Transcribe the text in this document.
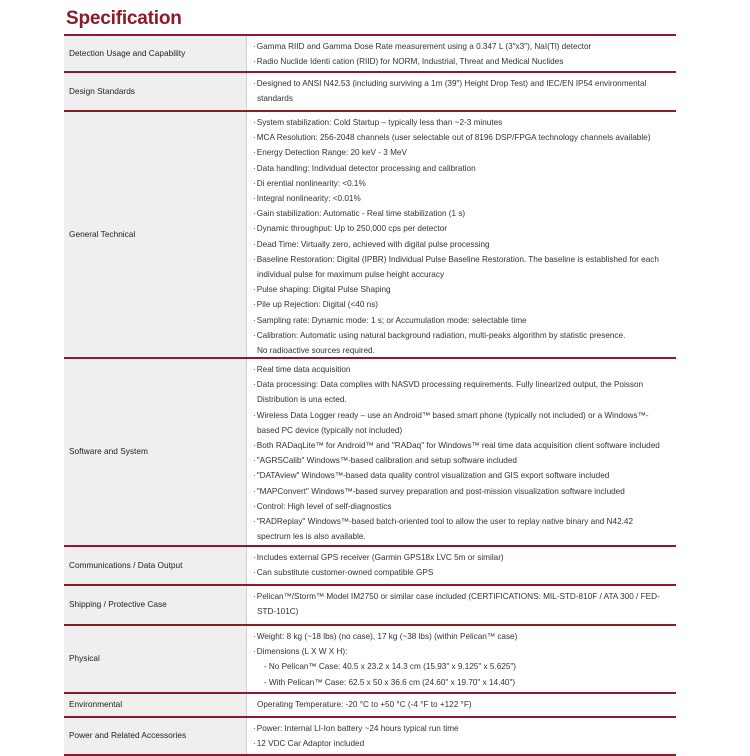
Specification
Detection Usage and Capability
· Gamma RIID and Gamma Dose Rate measurement using a 0.347 L (3"x3"), NaI(Tl) detector
· Radio Nuclide Identi cation (RIID) for NORM, Industrial, Threat and Medical Nuclides
Design Standards
· Designed to ANSI N42.53 (including surviving a 1m (39") Height Drop Test) and IEC/EN IP54 environmental
standards
General Technical
· System stabilization: Cold Startup – typically less than ~2-3 minutes
· MCA Resolution: 256-2048 channels (user selectable out of 8196 DSP/FPGA technology channels available)
· Energy Detection Range: 20 keV - 3 MeV
· Data handling: Individual detector processing and calibration
· Di erential nonlinearity: <0.1%
· Integral nonlinearity: <0.01%
· Gain stabilization: Automatic - Real time stabilization (1 s)
· Dynamic throughput: Up to 250,000 cps per detector
· Dead Time: Virtually zero, achieved with digital pulse processing
· Baseline Restoration: Digital (IPBR) Individual Pulse Baseline Restoration. The baseline is established for each
individual pulse for maximum pulse height accuracy
· Pulse shaping: Digital Pulse Shaping
· Pile up Rejection: Digital (<40 ns)
· Sampling rate: Dynamic mode: 1 s; or Accumulation mode: selectable time
· Calibration: Automatic using natural background radiation, multi-peaks algorithm by statistic presence.
No radioactive sources required.
Software and System
· Real time data acquisition
· Data processing: Data complies with NASVD processing requirements. Fully linearized output, the Poisson
Distribution is una ected.
· Wireless Data Logger ready – use an Android™ based smart phone (typically not included) or a Windows™-
based PC device (typically not included)
· Both RADaqLite™ for Android™ and "RADaq" for Windows™ real time data acquisition client software included
· "AGRSCalib" Windows™-based calibration and setup software included
· "DATAview" Windows™-based data quality control visualization and GIS export software included
· "MAPConvert" Windows™-based survey preparation and post-mission visualization software included
· Control: High level of self-diagnostics
· "RADReplay" Windows™-based batch-oriented tool to allow the user to replay native binary and N42.42
spectrum les is also available.
Communications / Data Output
· Includes external GPS receiver (Garmin GPS18x LVC 5m or similar)
· Can substitute customer-owned compatible GPS
Shipping / Protective Case
· Pelican™/Storm™ Model IM2750 or similar case included (CERTIFICATIONS: MIL-STD-810F / ATA 300 / FED-
STD-101C)
Physical
· Weight: 8 kg (~18 lbs) (no case), 17 kg (~38 lbs) (within Pelican™ case)
· Dimensions (L X W X H):
- No Pelican™ Case: 40.5 x 23.2 x 14.3 cm (15.93" x 9.125" x 5.625")
- With Pelican™ Case: 62.5 x 50 x 36.6 cm (24.60" x 19.70" x 14.40")
Environmental	Operating Temperature: -20 °C to +50 °C (-4 °F to +122 °F)
Power and Related Accessories
· Power: Internal LI-Ion battery ~24 hours typical run time
· 12 VDC Car Adaptor included
